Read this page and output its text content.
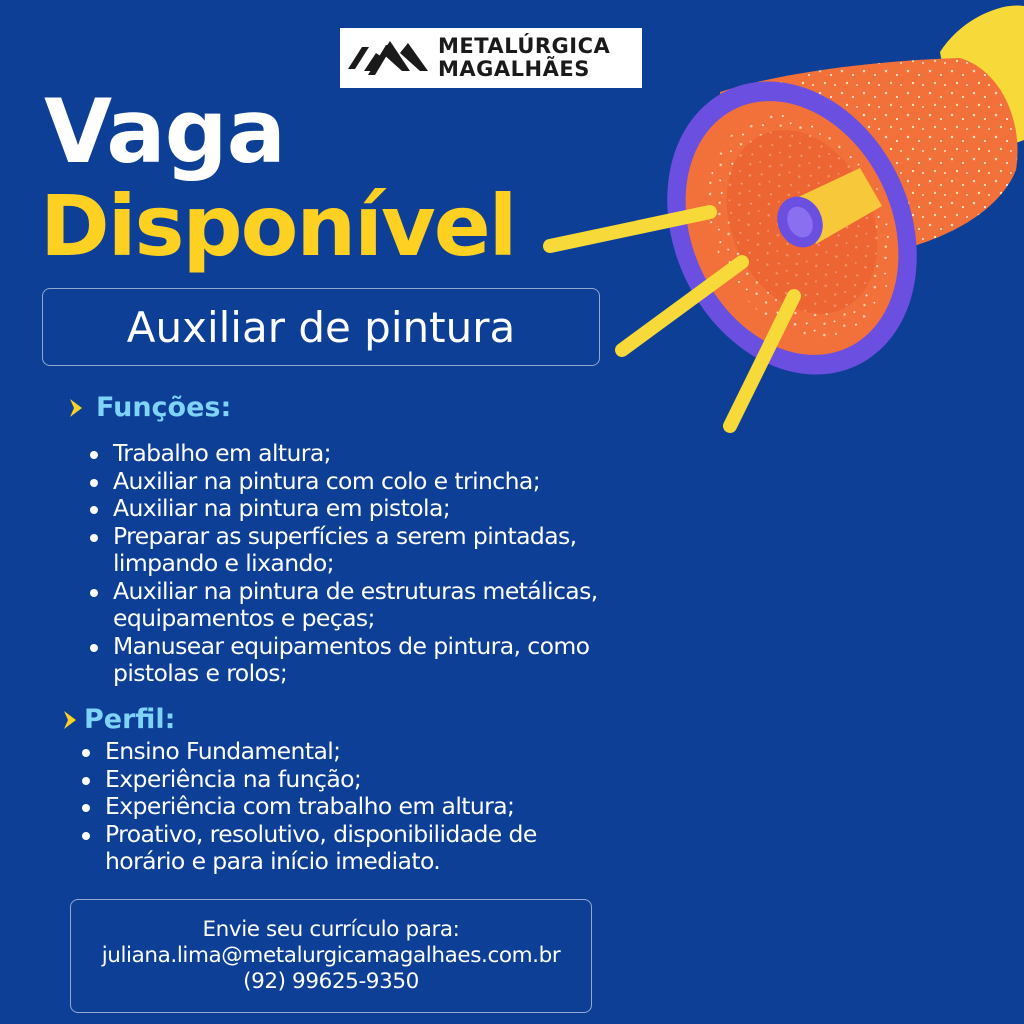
METALÚRGICA
MAGALHÃES
Vaga
Disponível
Auxiliar de pintura
Funções:
Trabalho em altura;
Auxiliar na pintura com colo e trincha;
Auxiliar na pintura em pistola;
Preparar as superfícies a serem pintadas, limpando e lixando;
Auxiliar na pintura de estruturas metálicas, equipamentos e peças;
Manusear equipamentos de pintura, como pistolas e rolos;
Perfil:
Ensino Fundamental;
Experiência na função;
Experiência com trabalho em altura;
Proativo, resolutivo, disponibilidade de horário e para início imediato.
Envie seu currículo para:
juliana.lima@metalurgicamagalhaes.com.br
(92) 99625-9350
